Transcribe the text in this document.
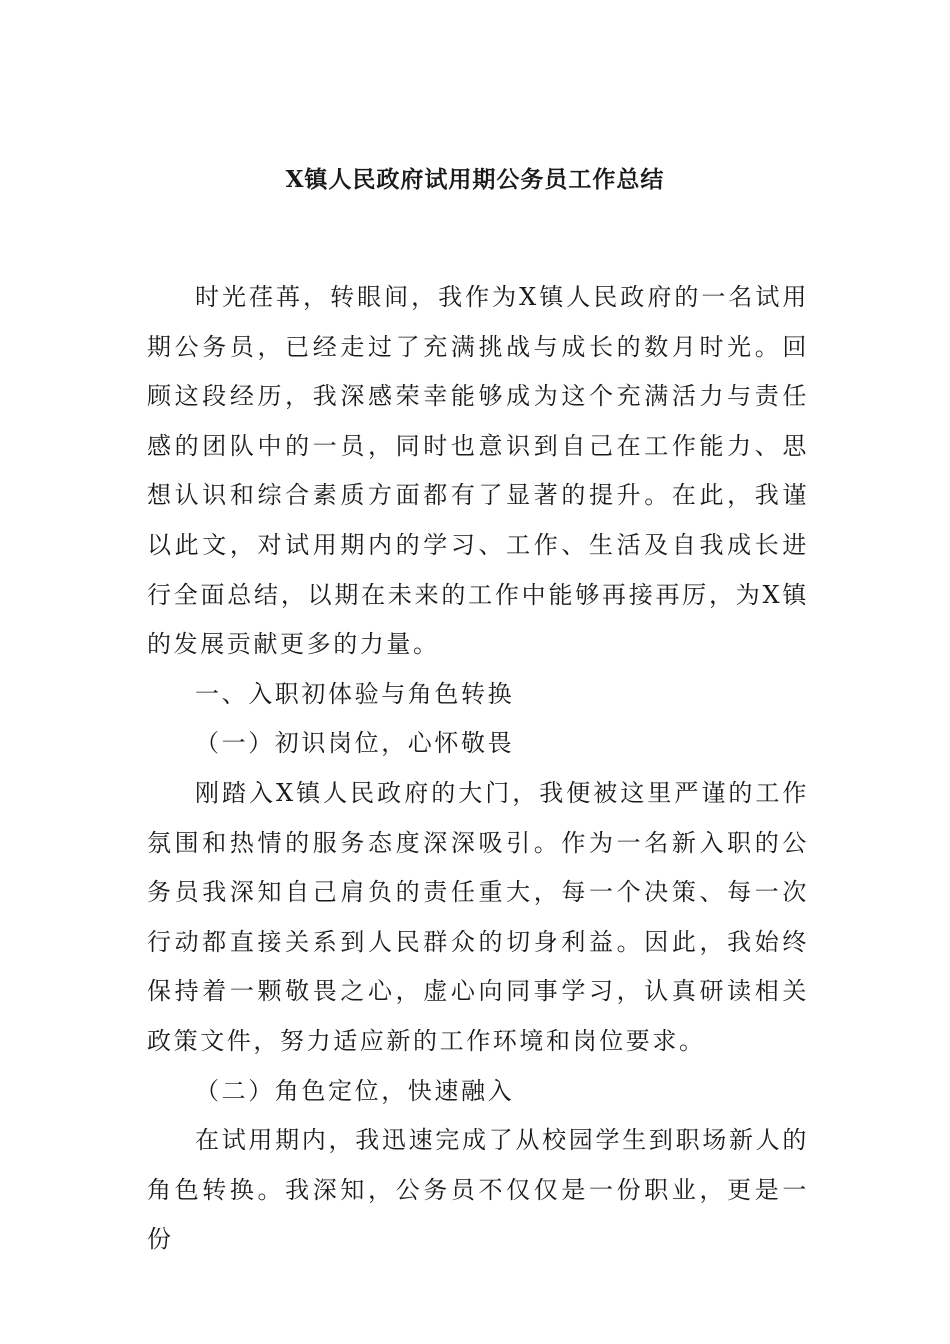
X镇人民政府试用期公务员工作总结

时光荏苒，转眼间，我作为X镇人民政府的一名试用期公务员，已经走过了充满挑战与成长的数月时光。回顾这段经历，我深感荣幸能够成为这个充满活力与责任感的团队中的一员，同时也意识到自己在工作能力、思想认识和综合素质方面都有了显著的提升。在此，我谨以此文，对试用期内的学习、工作、生活及自我成长进行全面总结，以期在未来的工作中能够再接再厉，为X镇的发展贡献更多的力量。

一、入职初体验与角色转换

（一）初识岗位，心怀敬畏

刚踏入X镇人民政府的大门，我便被这里严谨的工作氛围和热情的服务态度深深吸引。作为一名新入职的公务员我深知自己肩负的责任重大，每一个决策、每一次行动都直接关系到人民群众的切身利益。因此，我始终保持着一颗敬畏之心，虚心向同事学习，认真研读相关政策文件，努力适应新的工作环境和岗位要求。

（二）角色定位，快速融入

在试用期内，我迅速完成了从校园学生到职场新人的角色转换。我深知，公务员不仅仅是一份职业，更是一份
